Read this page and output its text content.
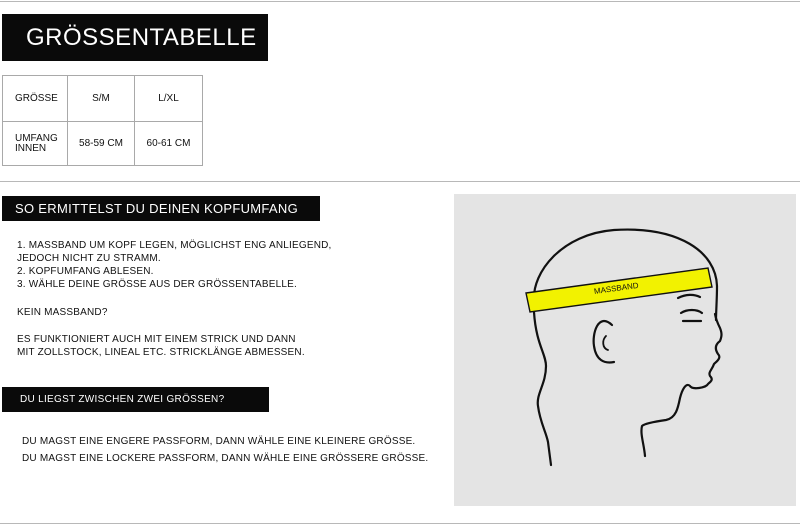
GRÖSSENTABELLE
GRÖSSE	S/M	L/XL

UMFANG
INNEN	58-59 CM	60-61 CM
SO ERMITTELST DU DEINEN KOPFUMFANG
1. MASSBAND UM KOPF LEGEN, MÖGLICHST ENG ANLIEGEND,
JEDOCH NICHT ZU STRAMM.
2. KOPFUMFANG ABLESEN.
3. WÄHLE DEINE GRÖSSE AUS DER GRÖSSENTABELLE.
KEIN MASSBAND?
ES FUNKTIONIERT AUCH MIT EINEM STRICK UND DANN
MIT ZOLLSTOCK, LINEAL ETC. STRICKLÄNGE ABMESSEN.
DU LIEGST ZWISCHEN ZWEI GRÖSSEN?
DU MAGST EINE ENGERE PASSFORM, DANN WÄHLE EINE KLEINERE GRÖSSE.
DU MAGST EINE LOCKERE PASSFORM, DANN WÄHLE EINE GRÖSSERE GRÖSSE.
MASSBAND
